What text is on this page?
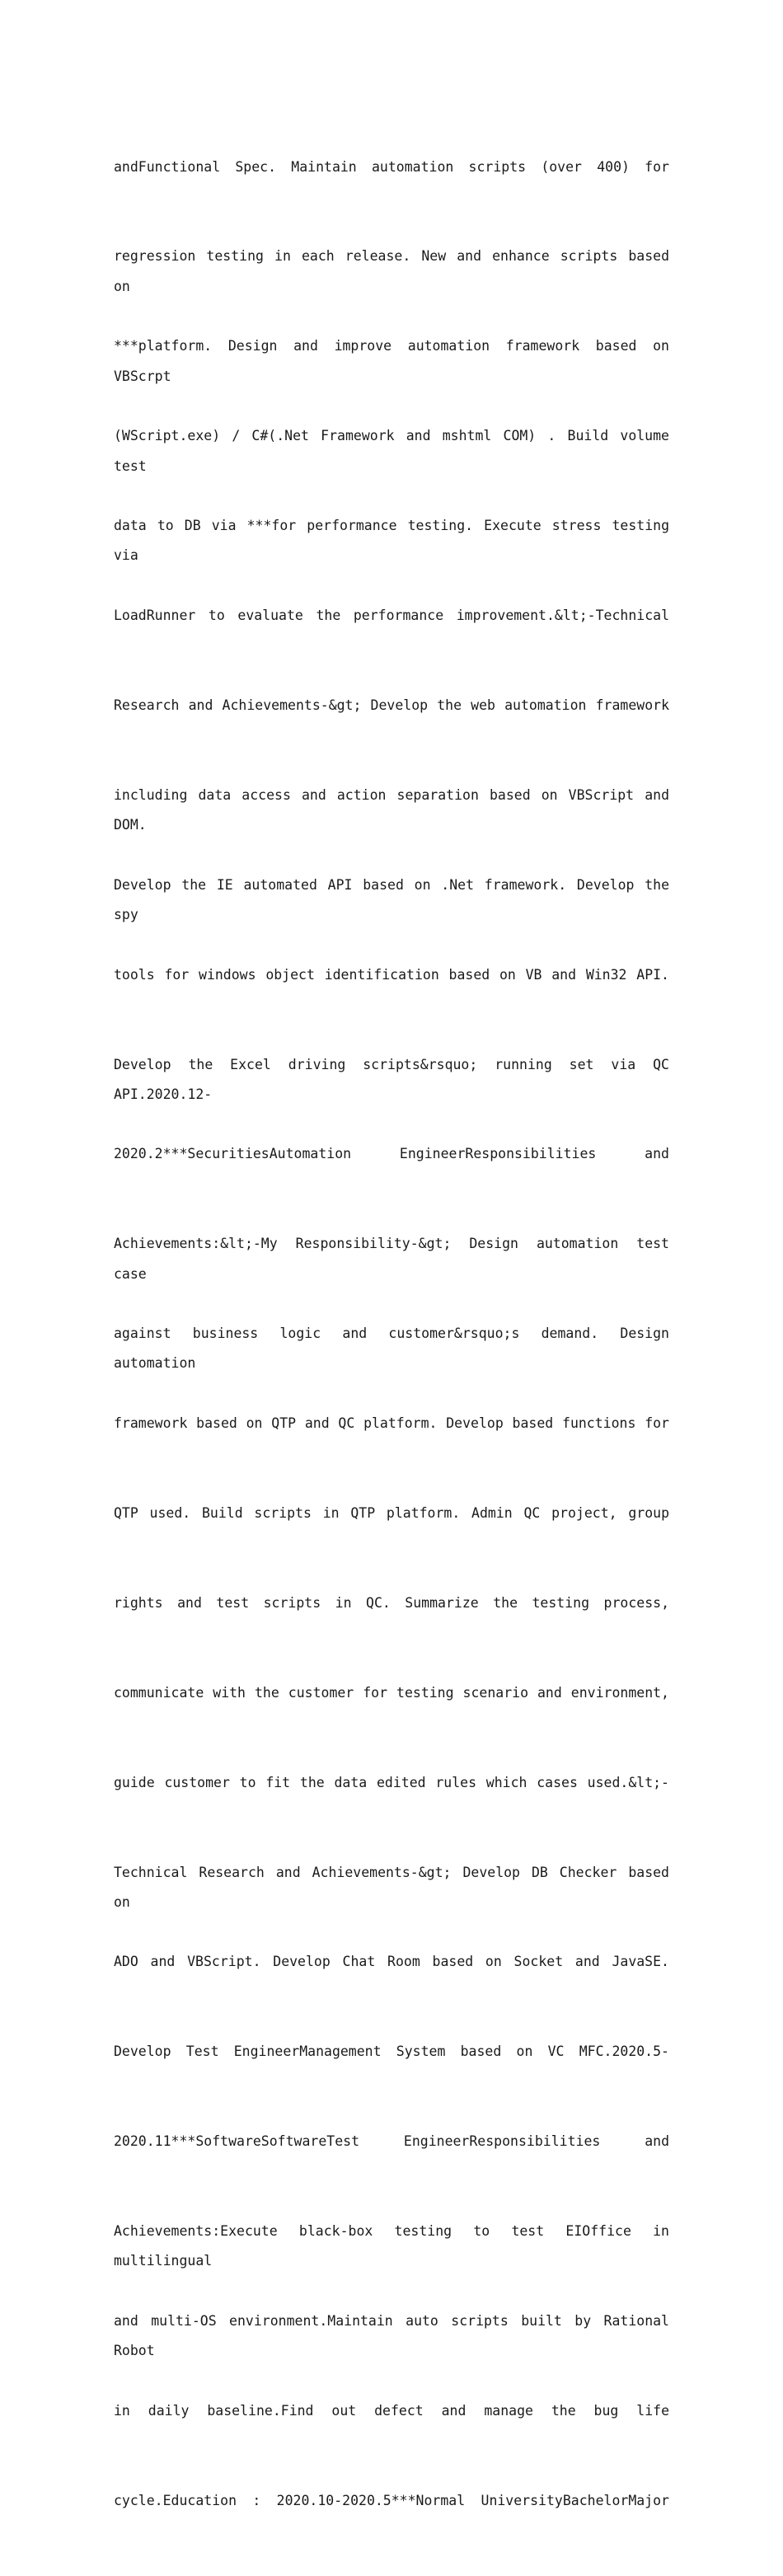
andFunctional Spec. Maintain automation scripts (over 400) for

regression testing in each release. New and enhance scripts based on

***platform. Design and improve automation framework based on VBScrpt

(WScript.exe) / C#(.Net Framework and mshtml COM) . Build volume test

data to DB via ***for performance testing. Execute stress testing via

LoadRunner to evaluate the performance improvement.&lt;-Technical

Research and Achievements-&gt; Develop the web automation framework

including data access and action separation based on VBScript and DOM.

Develop the IE automated API based on .Net framework. Develop the spy

tools for windows object identification based on VB and Win32 API.

Develop the Excel driving scripts&rsquo; running set via QC API.2020.12-

2020.2***SecuritiesAutomation EngineerResponsibilities and

Achievements:&lt;-My Responsibility-&gt; Design automation test case

against business logic and customer&rsquo;s demand. Design automation

framework based on QTP and QC platform. Develop based functions for

QTP used. Build scripts in QTP platform. Admin QC project, group

rights and test scripts in QC. Summarize the testing process,

communicate with the customer for testing scenario and environment,

guide customer to fit the data edited rules which cases used.&lt;-

Technical Research and Achievements-&gt; Develop DB Checker based on

ADO and VBScript. Develop Chat Room based on Socket and JavaSE.

Develop Test EngineerManagement System based on VC MFC.2020.5-

2020.11***SoftwareSoftwareTest EngineerResponsibilities and

Achievements:Execute black-box testing to test EIOffice in multilingual

and multi-OS environment.Maintain auto scripts built by Rational Robot

in daily baseline.Find out defect and manage the bug life

cycle.Education : 2020.10-2020.5***Normal UniversityBachelorMajor
